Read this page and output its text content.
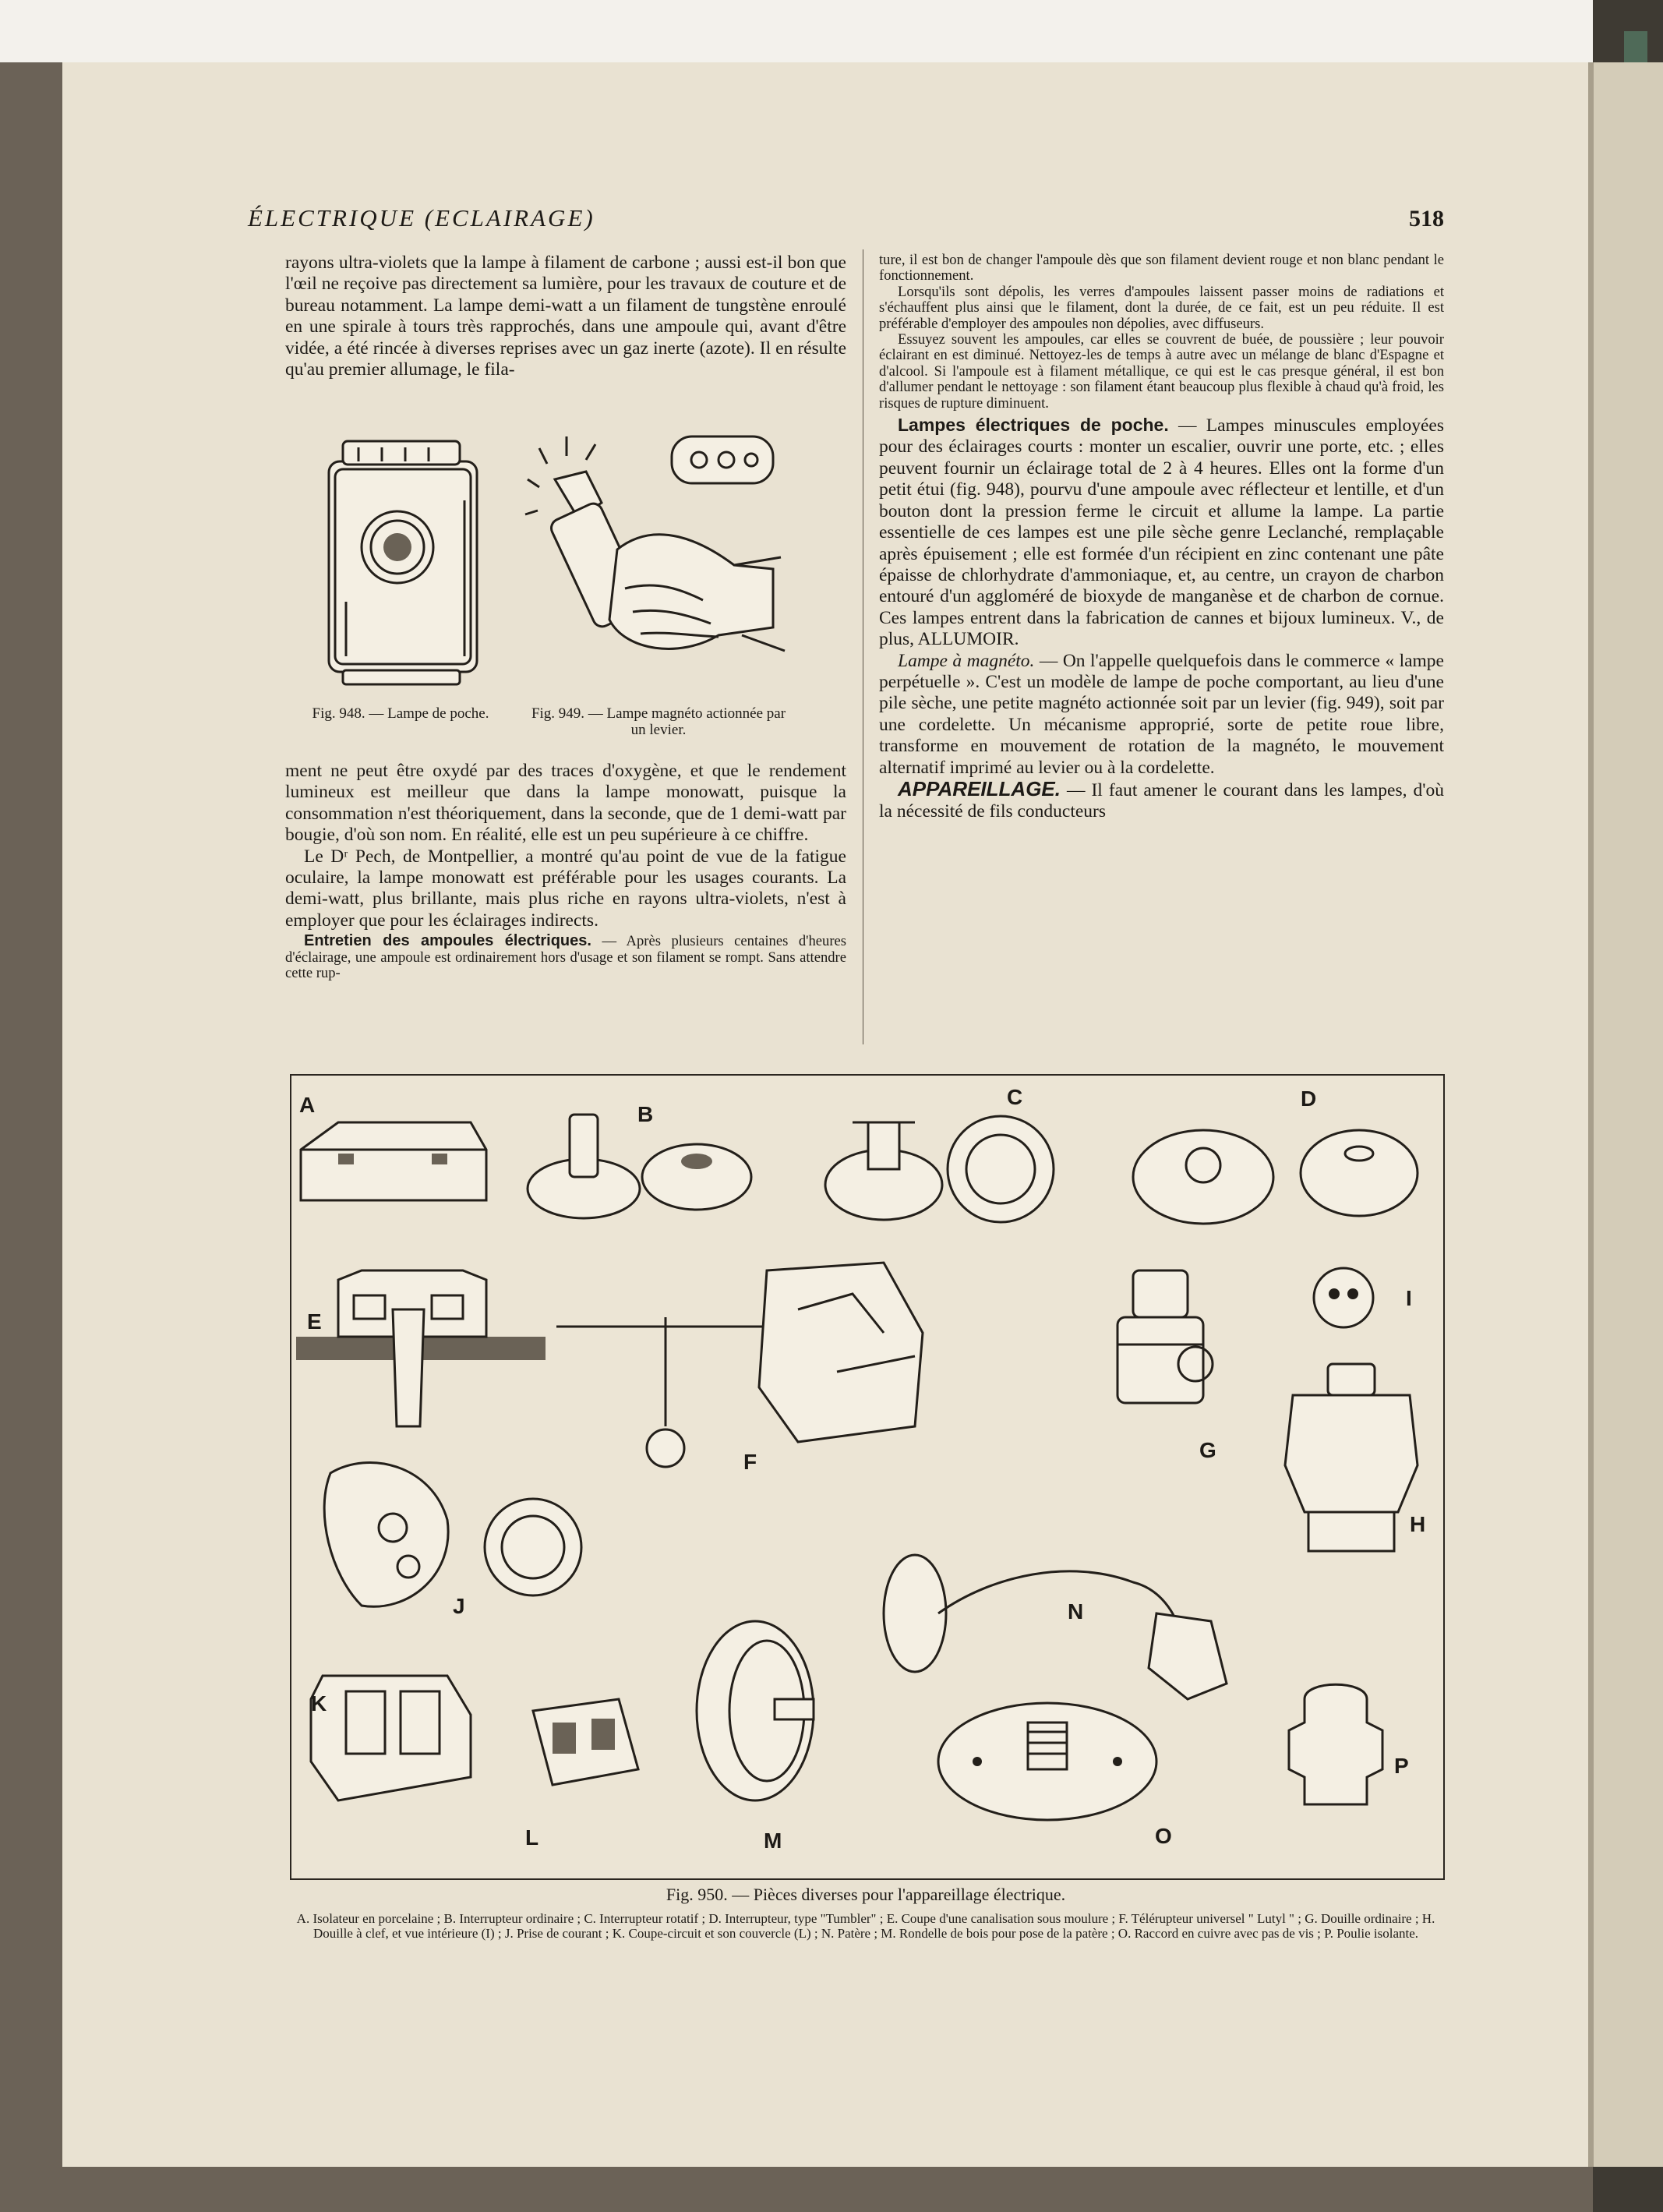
ÉLECTRIQUE (ECLAIRAGE)	518

rayons ultra-violets que la lampe à filament de carbone ; aussi est-il bon que l'œil ne reçoive pas directement sa lumière, pour les travaux de couture et de bureau notamment. La lampe demi-watt a un filament de tungstène enroulé en une spirale à tours très rapprochés, dans une ampoule qui, avant d'être vidée, a été rincée à diverses reprises avec un gaz inerte (azote). Il en résulte qu'au premier allumage, le fila-

Fig. 948. — Lampe de poche.	Fig. 949. — Lampe magnéto actionnée par un levier.

ment ne peut être oxydé par des traces d'oxygène, et que le rendement lumineux est meilleur que dans la lampe monowatt, puisque la consommation n'est théoriquement, dans la seconde, que de 1 demi-watt par bougie, d'où son nom. En réalité, elle est un peu supérieure à ce chiffre.

Le Dʳ Pech, de Montpellier, a montré qu'au point de vue de la fatigue oculaire, la lampe monowatt est préférable pour les usages courants. La demi-watt, plus brillante, mais plus riche en rayons ultra-violets, n'est à employer que pour les éclairages indirects.

Entretien des ampoules électriques. — Après plusieurs centaines d'heures d'éclairage, une ampoule est ordinairement hors d'usage et son filament se rompt. Sans attendre cette rup-

ture, il est bon de changer l'ampoule dès que son filament devient rouge et non blanc pendant le fonctionnement.

Lorsqu'ils sont dépolis, les verres d'ampoules laissent passer moins de radiations et s'échauffent plus ainsi que le filament, dont la durée, de ce fait, est un peu réduite. Il est préférable d'employer des ampoules non dépolies, avec diffuseurs.

Essuyez souvent les ampoules, car elles se couvrent de buée, de poussière ; leur pouvoir éclairant en est diminué. Nettoyez-les de temps à autre avec un mélange de blanc d'Espagne et d'alcool. Si l'ampoule est à filament métallique, ce qui est le cas presque général, il est bon d'allumer pendant le nettoyage : son filament étant beaucoup plus flexible à chaud qu'à froid, les risques de rupture diminuent.

Lampes électriques de poche. — Lampes minuscules employées pour des éclairages courts : monter un escalier, ouvrir une porte, etc. ; elles peuvent fournir un éclairage total de 2 à 4 heures. Elles ont la forme d'un petit étui (fig. 948), pourvu d'une ampoule avec réflecteur et lentille, et d'un bouton dont la pression ferme le circuit et allume la lampe. La partie essentielle de ces lampes est une pile sèche genre Leclanché, remplaçable après épuisement ; elle est formée d'un récipient en zinc contenant une pâte épaisse de chlorhydrate d'ammoniaque, et, au centre, un crayon de charbon entouré d'un aggloméré de bioxyde de manganèse et de charbon de cornue. Ces lampes entrent dans la fabrication de cannes et bijoux lumineux. V., de plus, ALLUMOIR.

Lampe à magnéto. — On l'appelle quelquefois dans le commerce « lampe perpétuelle ». C'est un modèle de lampe de poche comportant, au lieu d'une pile sèche, une petite magnéto actionnée soit par un levier (fig. 949), soit par une cordelette. Un mécanisme approprié, sorte de petite roue libre, transforme en mouvement de rotation de la magnéto, le mouvement alternatif imprimé au levier ou à la cordelette.

APPAREILLAGE. — Il faut amener le courant dans les lampes, d'où la nécessité de fils conducteurs

A	B
C	D
E
F	G
H
I
J
K
L	M
N
O
P
Fig. 950. — Pièces diverses pour l'appareillage électrique.
A. Isolateur en porcelaine ; B. Interrupteur ordinaire ; C. Interrupteur rotatif ; D. Interrupteur, type "Tumbler" ; E. Coupe d'une canalisation sous moulure ; F. Télérupteur universel " Lutyl " ; G. Douille ordinaire ; H. Douille à clef, et vue intérieure (I) ; J. Prise de courant ; K. Coupe-circuit et son couvercle (L) ; N. Patère ; M. Rondelle de bois pour pose de la patère ; O. Raccord en cuivre avec pas de vis ; P. Poulie isolante.
